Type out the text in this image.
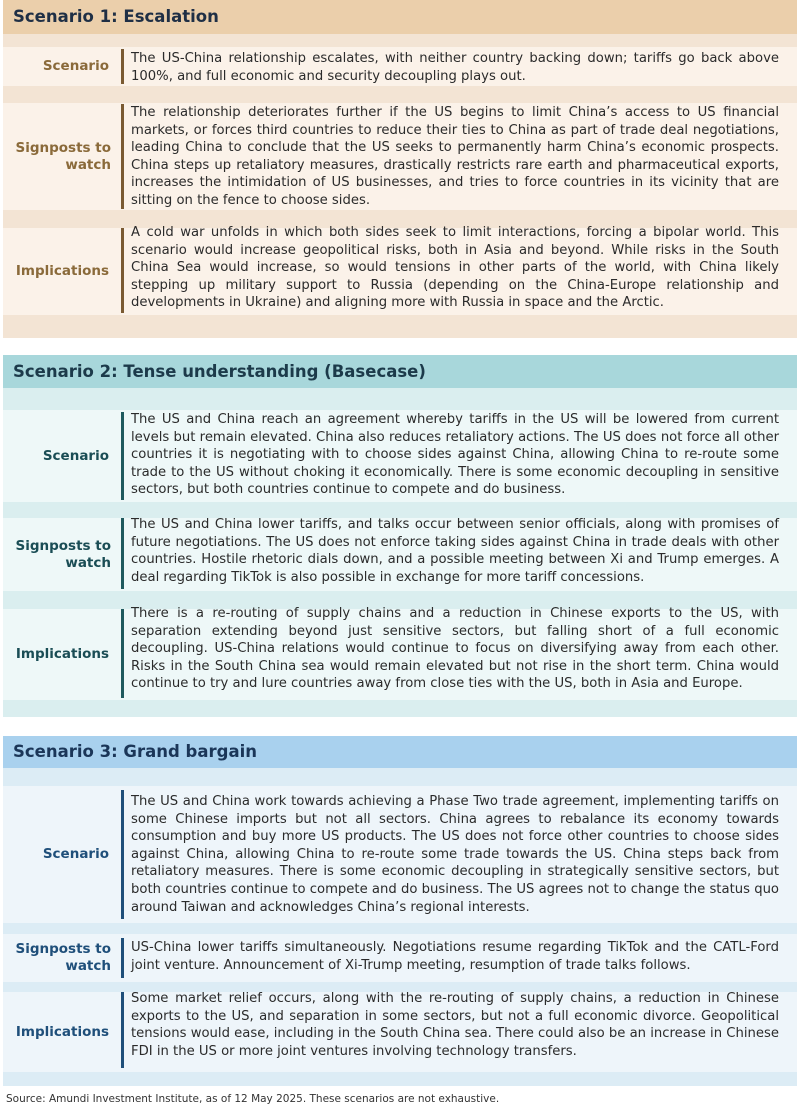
Scenario 1: Escalation
Scenario	The US-China relationship escalates, with neither country backing down; tariffs go back above 100%, and full economic and security decoupling plays out.
Signposts to watch
The relationship deteriorates further if the US begins to limit China’s access to US financial markets, or forces third countries to reduce their ties to China as part of trade deal negotiations, leading China to conclude that the US seeks to permanently harm China’s economic prospects. China steps up retaliatory measures, drastically restricts rare earth and pharmaceutical exports, increases the intimidation of US businesses, and tries to force countries in its vicinity that are sitting on the fence to choose sides.
Implications
A cold war unfolds in which both sides seek to limit interactions, forcing a bipolar world. This scenario would increase geopolitical risks, both in Asia and beyond. While risks in the South China Sea would increase, so would tensions in other parts of the world, with China likely stepping up military support to Russia (depending on the China-Europe relationship and developments in Ukraine) and aligning more with Russia in space and the Arctic.
Scenario 2: Tense understanding (Basecase)
Scenario
The US and China reach an agreement whereby tariffs in the US will be lowered from current levels but remain elevated. China also reduces retaliatory actions. The US does not force all other countries it is negotiating with to choose sides against China, allowing China to re-route some trade to the US without choking it economically. There is some economic decoupling in sensitive sectors, but both countries continue to compete and do business.
Signposts to watch
The US and China lower tariffs, and talks occur between senior officials, along with promises of future negotiations. The US does not enforce taking sides against China in trade deals with other countries. Hostile rhetoric dials down, and a possible meeting between Xi and Trump emerges. A deal regarding TikTok is also possible in exchange for more tariff concessions.
Implications
There is a re-routing of supply chains and a reduction in Chinese exports to the US, with separation extending beyond just sensitive sectors, but falling short of a full economic decoupling. US-China relations would continue to focus on diversifying away from each other. Risks in the South China sea would remain elevated but not rise in the short term. China would continue to try and lure countries away from close ties with the US, both in Asia and Europe.
Scenario 3: Grand bargain
Scenario
The US and China work towards achieving a Phase Two trade agreement, implementing tariffs on some Chinese imports but not all sectors. China agrees to rebalance its economy towards consumption and buy more US products. The US does not force other countries to choose sides against China, allowing China to re-route some trade towards the US. China steps back from retaliatory measures. There is some economic decoupling in strategically sensitive sectors, but both countries continue to compete and do business. The US agrees not to change the status quo around Taiwan and acknowledges China’s regional interests.
Signposts to watch
US-China lower tariffs simultaneously. Negotiations resume regarding TikTok and the CATL-Ford joint venture. Announcement of Xi-Trump meeting, resumption of trade talks follows.
Implications
Some market relief occurs, along with the re-routing of supply chains, a reduction in Chinese exports to the US, and separation in some sectors, but not a full economic divorce. Geopolitical tensions would ease, including in the South China sea. There could also be an increase in Chinese FDI in the US or more joint ventures involving technology transfers.
Source: Amundi Investment Institute, as of 12 May 2025. These scenarios are not exhaustive.
